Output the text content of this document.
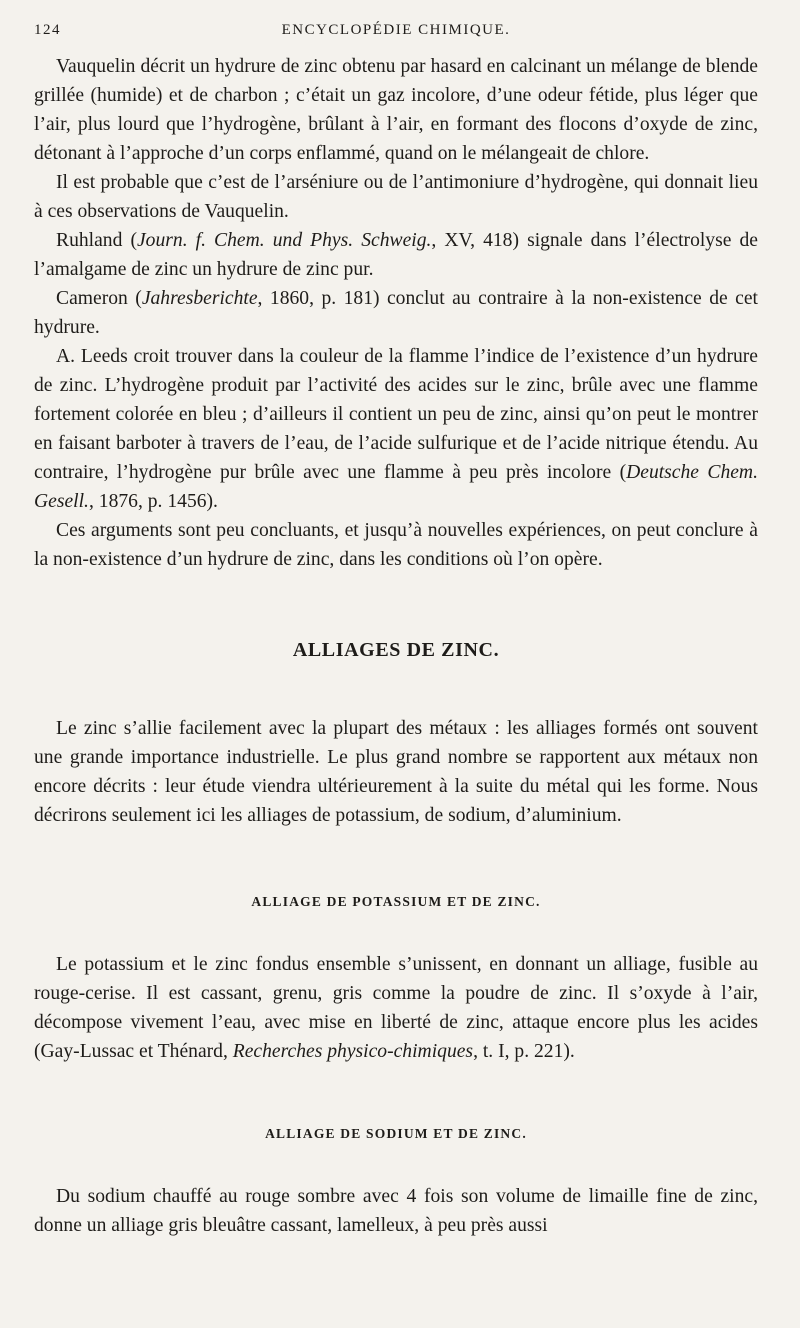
124	ENCYCLOPÉDIE CHIMIQUE.

Vauquelin décrit un hydrure de zinc obtenu par hasard en calcinant un mélange de blende grillée (humide) et de charbon ; c’était un gaz incolore, d’une odeur fétide, plus léger que l’air, plus lourd que l’hydrogène, brûlant à l’air, en formant des flocons d’oxyde de zinc, détonant à l’approche d’un corps enflammé, quand on le mélangeait de chlore.

Il est probable que c’est de l’arséniure ou de l’antimoniure d’hydrogène, qui donnait lieu à ces observations de Vauquelin.

Ruhland (Journ. f. Chem. und Phys. Schweig., XV, 418) signale dans l’électrolyse de l’amalgame de zinc un hydrure de zinc pur.

Cameron (Jahresberichte, 1860, p. 181) conclut au contraire à la non-existence de cet hydrure.

A. Leeds croit trouver dans la couleur de la flamme l’indice de l’existence d’un hydrure de zinc. L’hydrogène produit par l’activité des acides sur le zinc, brûle avec une flamme fortement colorée en bleu ; d’ailleurs il contient un peu de zinc, ainsi qu’on peut le montrer en faisant barboter à travers de l’eau, de l’acide sulfurique et de l’acide nitrique étendu. Au contraire, l’hydrogène pur brûle avec une flamme à peu près incolore (Deutsche Chem. Gesell., 1876, p. 1456).

Ces arguments sont peu concluants, et jusqu’à nouvelles expériences, on peut conclure à la non-existence d’un hydrure de zinc, dans les conditions où l’on opère.

ALLIAGES DE ZINC.

Le zinc s’allie facilement avec la plupart des métaux : les alliages formés ont souvent une grande importance industrielle. Le plus grand nombre se rapportent aux métaux non encore décrits : leur étude viendra ultérieurement à la suite du métal qui les forme. Nous décrirons seulement ici les alliages de potassium, de sodium, d’aluminium.

ALLIAGE DE POTASSIUM ET DE ZINC.

Le potassium et le zinc fondus ensemble s’unissent, en donnant un alliage, fusible au rouge-cerise. Il est cassant, grenu, gris comme la poudre de zinc. Il s’oxyde à l’air, décompose vivement l’eau, avec mise en liberté de zinc, attaque encore plus les acides (Gay-Lussac et Thénard, Recherches physico-chimiques, t. I, p. 221).

ALLIAGE DE SODIUM ET DE ZINC.

Du sodium chauffé au rouge sombre avec 4 fois son volume de limaille fine de zinc, donne un alliage gris bleuâtre cassant, lamelleux, à peu près aussi
